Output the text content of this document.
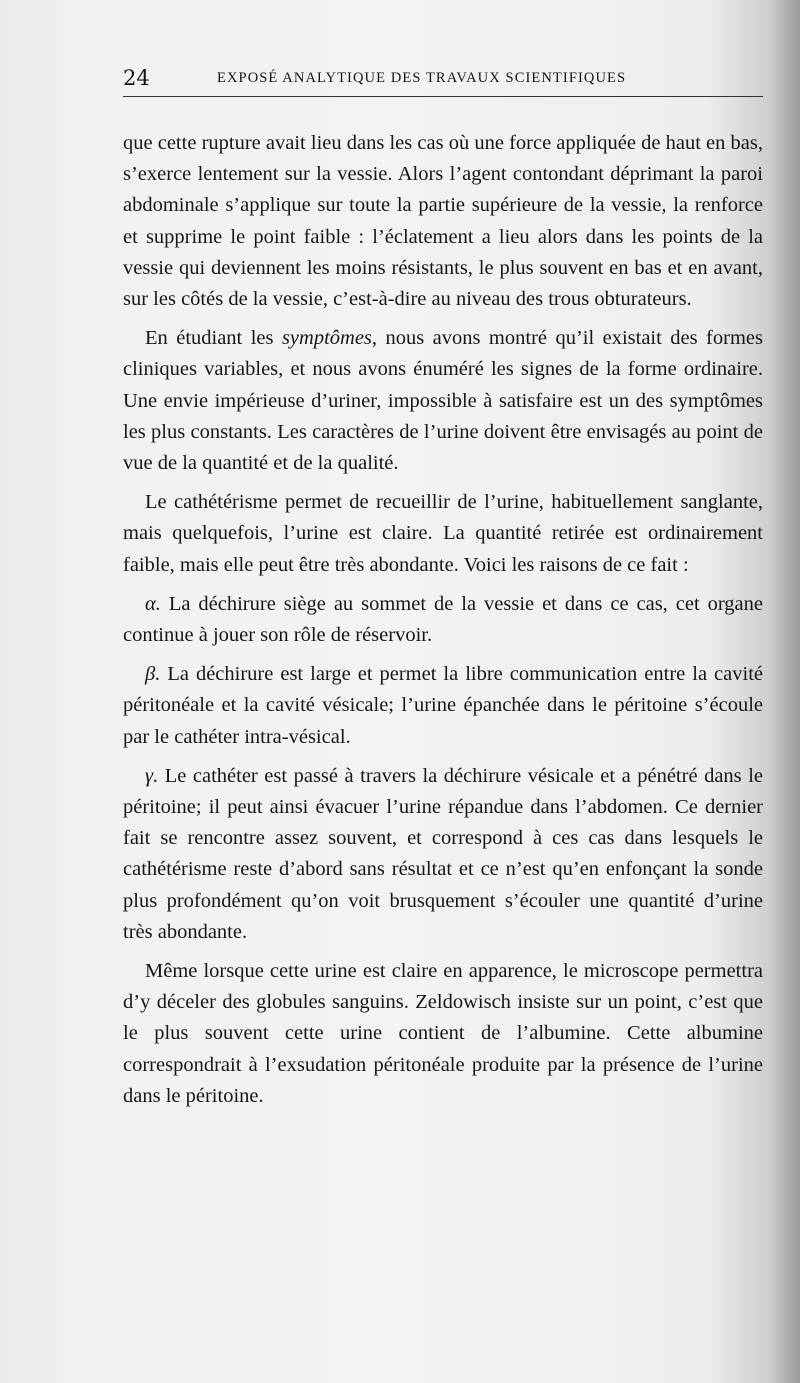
24	EXPOSÉ ANALYTIQUE DES TRAVAUX SCIENTIFIQUES

que cette rupture avait lieu dans les cas où une force appliquée de haut en bas, s’exerce lentement sur la vessie. Alors l’agent contondant déprimant la paroi abdominale s’applique sur toute la partie supérieure de la vessie, la renforce et supprime le point faible : l’éclatement a lieu alors dans les points de la vessie qui deviennent les moins résistants, le plus souvent en bas et en avant, sur les côtés de la vessie, c’est-à-dire au niveau des trous obturateurs.

En étudiant les symptômes, nous avons montré qu’il existait des formes cliniques variables, et nous avons énuméré les signes de la forme ordinaire. Une envie impérieuse d’uriner, impossible à satisfaire est un des symptômes les plus constants. Les caractères de l’urine doivent être envisagés au point de vue de la quantité et de la qualité.

Le cathétérisme permet de recueillir de l’urine, habituellement sanglante, mais quelquefois, l’urine est claire. La quantité retirée est ordinairement faible, mais elle peut être très abondante. Voici les raisons de ce fait :

α. La déchirure siège au sommet de la vessie et dans ce cas, cet organe continue à jouer son rôle de réservoir.

β. La déchirure est large et permet la libre communication entre la cavité péritonéale et la cavité vésicale; l’urine épanchée dans le péritoine s’écoule par le cathéter intra-vésical.

γ. Le cathéter est passé à travers la déchirure vésicale et a pénétré dans le péritoine; il peut ainsi évacuer l’urine répandue dans l’abdomen. Ce dernier fait se rencontre assez souvent, et correspond à ces cas dans lesquels le cathétérisme reste d’abord sans résultat et ce n’est qu’en enfonçant la sonde plus profondément qu’on voit brusquement s’écouler une quantité d’urine très abondante.

Même lorsque cette urine est claire en apparence, le microscope permettra d’y déceler des globules sanguins. Zeldowisch insiste sur un point, c’est que le plus souvent cette urine contient de l’albumine. Cette albumine correspondrait à l’exsudation péritonéale produite par la présence de l’urine dans le péritoine.
